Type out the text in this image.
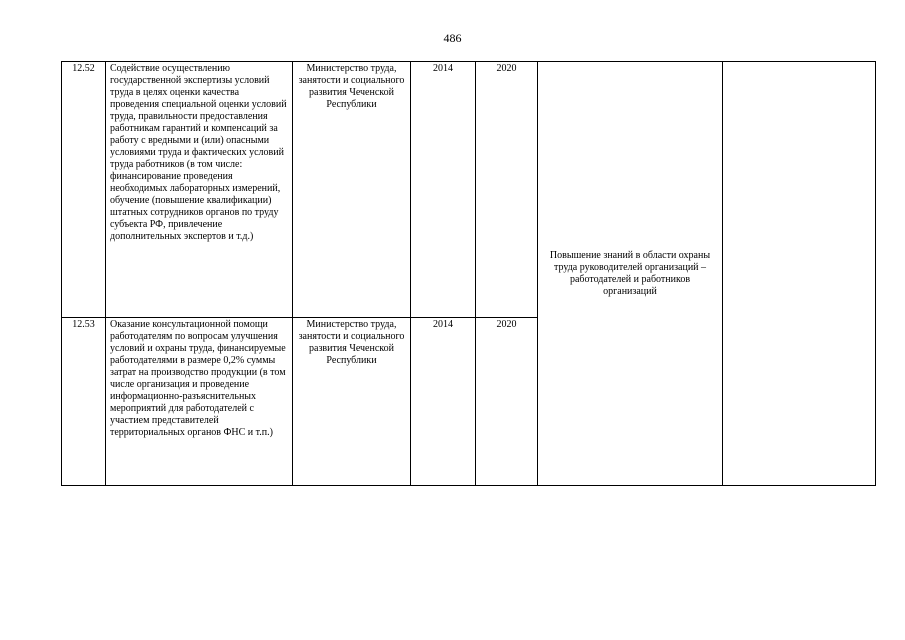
486
12.52	Содействие осуществлению государственной экспертизы условий труда в целях оценки качества проведения специальной оценки условий труда, правильности предоставления работникам гарантий и компенсаций за работу с вредными и (или) опасными условиями труда и фактических условий труда работников (в том числе: финансирование проведения необходимых лабораторных измерений, обучение (повышение квалификации) штатных сотрудников органов по труду субъекта РФ, привлечение дополнительных экспертов и т.д.)	Министерство труда, занятости и социального развития Чеченской Республики	2014	2020	Повышение знаний в области охраны труда руководителей организаций – работодателей и работников организаций	
12.53	Оказание консультационной помощи работодателям по вопросам улучшения условий и охраны труда, финансируемые работодателями в размере 0,2% суммы затрат на производство продукции (в том числе организация и проведение информационно-разъяснительных мероприятий для работодателей с участием представителей территориальных органов ФНС и т.п.)	Министерство труда, занятости и социального развития Чеченской Республики	2014	2020		
